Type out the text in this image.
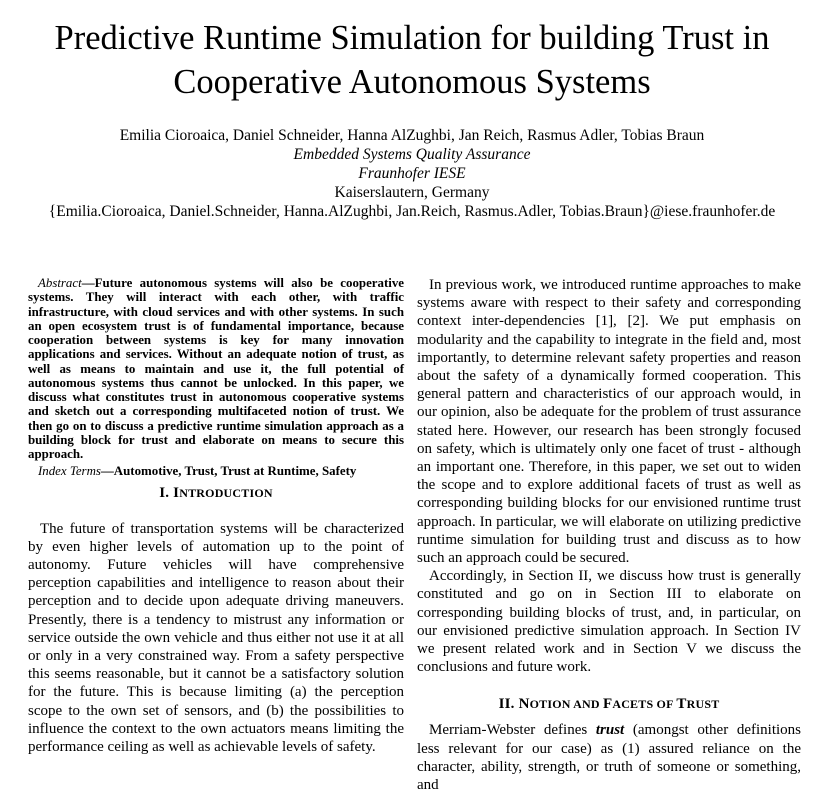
Predictive Runtime Simulation for building Trust in
Cooperative Autonomous Systems
Emilia Cioroaica, Daniel Schneider, Hanna AlZughbi, Jan Reich, Rasmus Adler, Tobias Braun
Embedded Systems Quality Assurance
Fraunhofer IESE
Kaiserslautern, Germany
{Emilia.Cioroaica, Daniel.Schneider, Hanna.AlZughbi, Jan.Reich, Rasmus.Adler, Tobias.Braun}@iese.fraunhofer.de

Abstract—Future autonomous systems will also be cooperative systems. They will interact with each other, with traffic infrastructure, with cloud services and with other systems. In such an open ecosystem trust is of fundamental importance, because cooperation between systems is key for many innovation applications and services. Without an adequate notion of trust, as well as means to maintain and use it, the full potential of autonomous systems thus cannot be unlocked. In this paper, we discuss what constitutes trust in autonomous cooperative systems and sketch out a corresponding multifaceted notion of trust. We then go on to discuss a predictive runtime simulation approach as a building block for trust and elaborate on means to secure this approach.

Index Terms—Automotive, Trust, Trust at Runtime, Safety

I. INTRODUCTION

The future of transportation systems will be characterized by even higher levels of automation up to the point of autonomy. Future vehicles will have comprehensive perception capabilities and intelligence to reason about their perception and to decide upon adequate driving maneuvers. Presently, there is a tendency to mistrust any information or service outside the own vehicle and thus either not use it at all or only in a very constrained way. From a safety perspective this seems reasonable, but it cannot be a satisfactory solution for the future. This is because limiting (a) the perception scope to the own set of sensors, and (b) the possibilities to influence the context to the own actuators means limiting the performance ceiling as well as achievable levels of safety.

In previous work, we introduced runtime approaches to make systems aware with respect to their safety and corresponding context inter-dependencies [1], [2]. We put emphasis on modularity and the capability to integrate in the field and, most importantly, to determine relevant safety properties and reason about the safety of a dynamically formed cooperation. This general pattern and characteristics of our approach would, in our opinion, also be adequate for the problem of trust assurance stated here. However, our research has been strongly focused on safety, which is ultimately only one facet of trust - although an important one. Therefore, in this paper, we set out to widen the scope and to explore additional facets of trust as well as corresponding building blocks for our envisioned runtime trust approach. In particular, we will elaborate on utilizing predictive runtime simulation for building trust and discuss as to how such an approach could be secured.

Accordingly, in Section II, we discuss how trust is generally constituted and go on in Section III to elaborate on corresponding building blocks of trust, and, in particular, on our envisioned predictive simulation approach. In Section IV we present related work and in Section V we discuss the conclusions and future work.

II. NOTION AND FACETS OF TRUST

Merriam-Webster defines trust (amongst other definitions less relevant for our case) as (1) assured reliance on the character, ability, strength, or truth of someone or something, and
